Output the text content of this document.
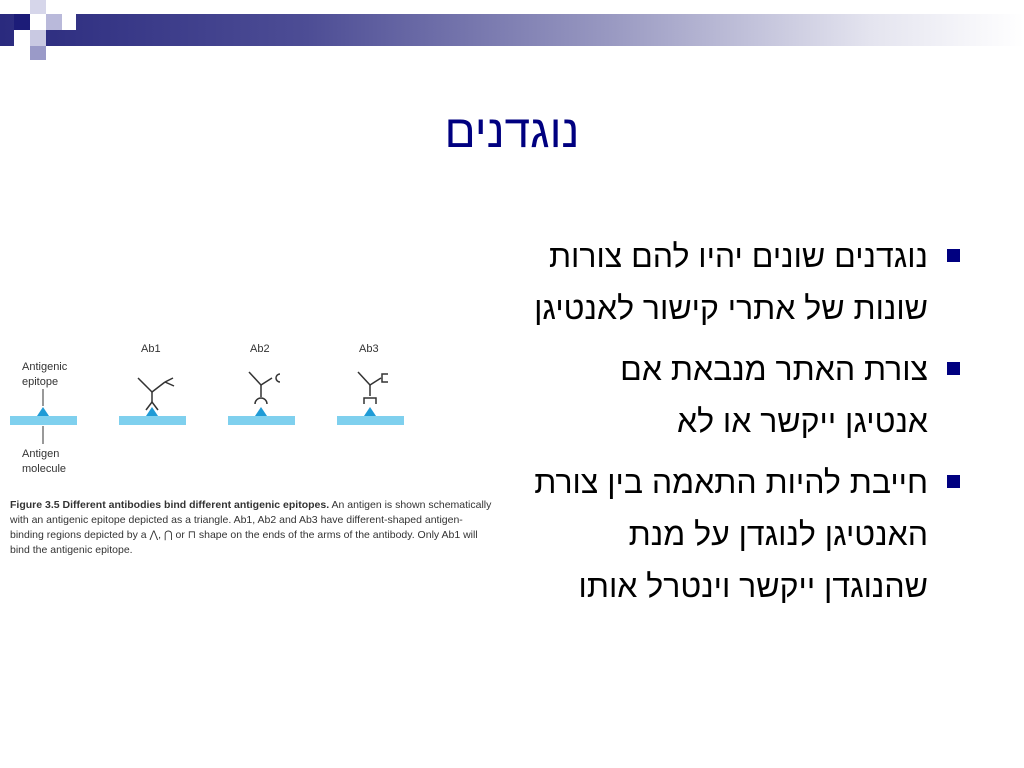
נוגדנים
נוגדנים שונים יהיו להם צורות שונות של אתרי קישור לאנטיגן
צורת האתר מנבאת אם אנטיגן ייקשר או לא
חייבת להיות התאמה בין צורת האנטיגן לנוגדן על מנת שהנוגדן ייקשר וינטרל אותו
Antigenic
epitope
Antigen
molecule
Ab1	Ab2	Ab3
Figure 3.5 Different antibodies bind different antigenic epitopes. An antigen is shown schematically with an antigenic epitope depicted as a triangle. Ab1, Ab2 and Ab3 have different-shaped antigen-binding regions depicted by a ⋀, ⋂ or ⊓ shape on the ends of the arms of the antibody. Only Ab1 will bind the antigenic epitope.
